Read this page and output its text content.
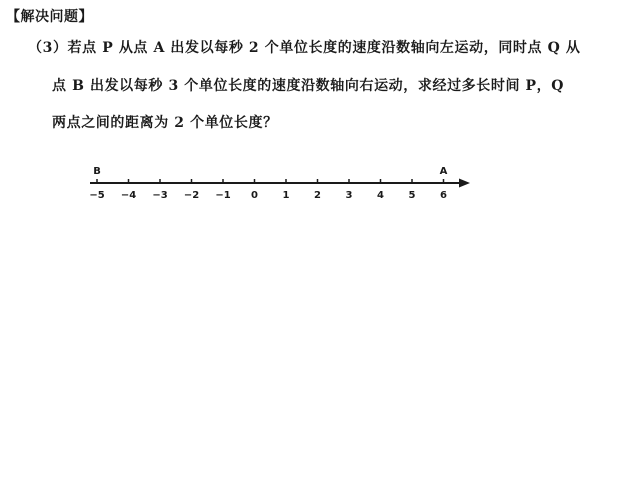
【解决问题】
（3）若点 P 从点 A 出发以每秒 2 个单位长度的速度沿数轴向左运动，同时点 Q 从
点 B 出发以每秒 3 个单位长度的速度沿数轴向右运动，求经过多长时间 P，Q
两点之间的距离为 2 个单位长度？
−5 −4 −3 −2 −1 0 1 2 3 4 5 6
B	A
